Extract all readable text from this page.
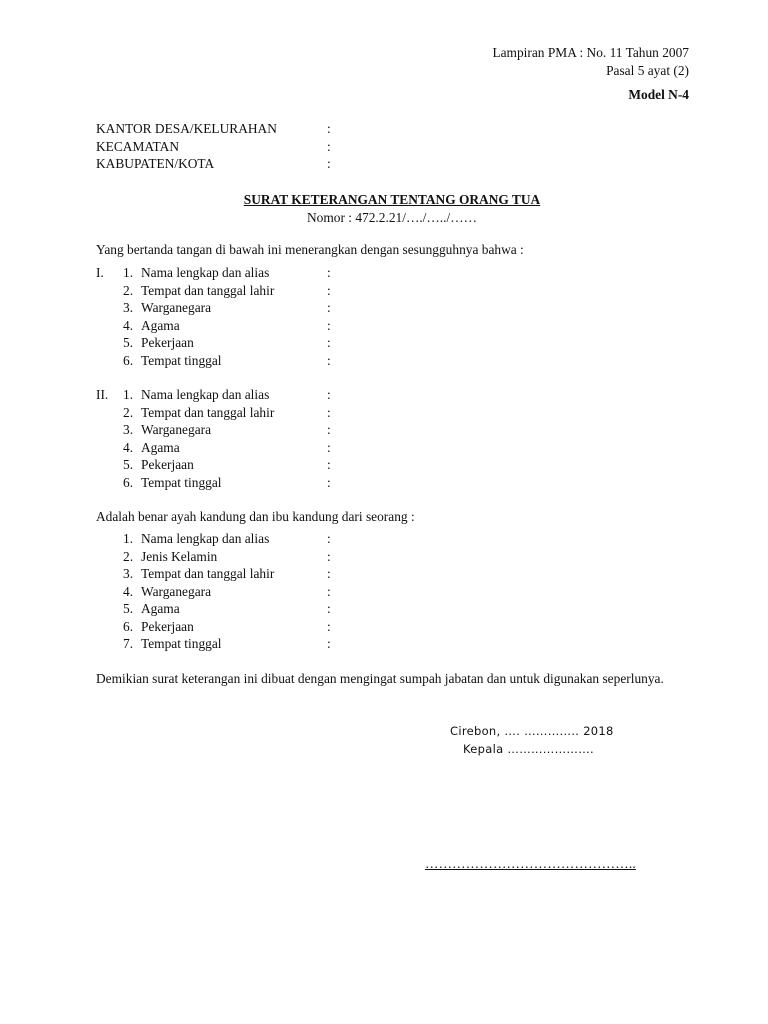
Lampiran PMA : No. 11 Tahun 2007
Pasal 5 ayat (2)
Model N-4
KANTOR DESA/KELURAHAN	:
KECAMATAN	:
KABUPATEN/KOTA	:
SURAT KETERANGAN TENTANG ORANG TUA
Nomor : 472.2.21/…./…../……
Yang bertanda tangan di bawah ini menerangkan dengan sesungguhnya bahwa :
I. 1. Nama lengkap dan alias	:
2. Tempat dan tanggal lahir	:
3. Warganegara	:
4. Agama	:
5. Pekerjaan	:
6. Tempat tinggal	:
II. 1. Nama lengkap dan alias	:
2. Tempat dan tanggal lahir	:
3. Warganegara	:
4. Agama	:
5. Pekerjaan	:
6. Tempat tinggal	:
Adalah benar ayah kandung dan ibu kandung dari seorang :
1. Nama lengkap dan alias	:
2. Jenis Kelamin	:
3. Tempat dan tanggal lahir	:
4. Warganegara	:
5. Agama	:
6. Pekerjaan	:
7. Tempat tinggal	:
Demikian surat keterangan ini dibuat dengan mengingat sumpah jabatan dan untuk digunakan seperlunya.
Cirebon, …. ………….. 2018
Kepala ………………….
………………………………………..
